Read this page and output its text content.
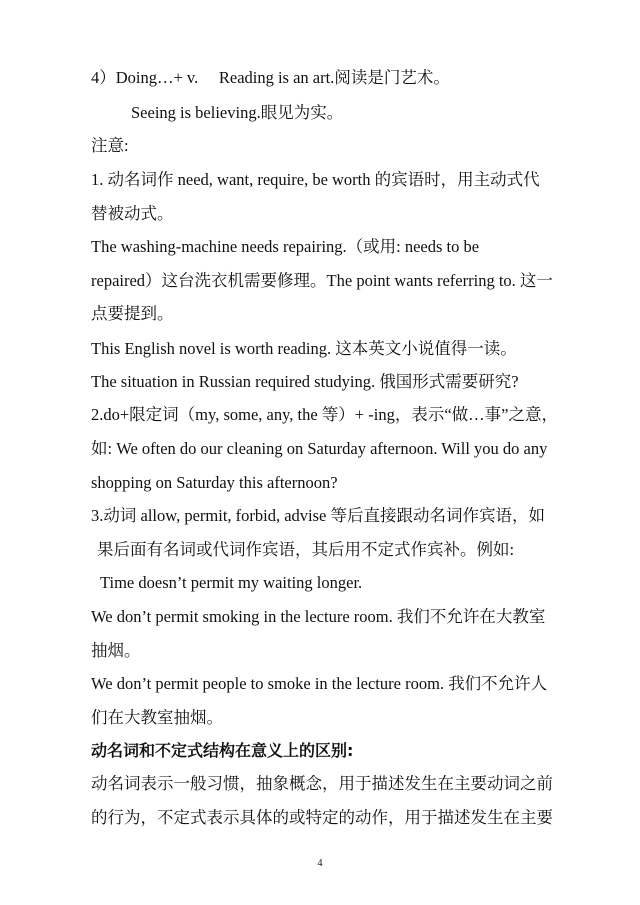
4）Doing…+ v.　 Reading is an art.阅读是门艺术。

Seeing is believing.眼见为实。

注意:

1. 动名词作 need, want, require, be worth 的宾语时，用主动式代

替被动式。

The washing-machine needs repairing.（或用: needs to be

repaired）这台洗衣机需要修理。The point wants referring to. 这一

点要提到。

This English novel is worth reading. 这本英文小说值得一读。

The situation in Russian required studying. 俄国形式需要研究?

2.do+限定词（my, some, any, the 等）+ -ing，表示“做…事”之意，

如: We often do our cleaning on Saturday afternoon. Will you do any

shopping on Saturday this afternoon?

3.动词 allow, permit, forbid, advise 等后直接跟动名词作宾语，如

果后面有名词或代词作宾语，其后用不定式作宾补。例如:

Time doesn’t permit my waiting longer.

We don’t permit smoking in the lecture room. 我们不允许在大教室

抽烟。

We don’t permit people to smoke in the lecture room. 我们不允许人

们在大教室抽烟。

动名词和不定式结构在意义上的区别:

动名词表示一般习惯，抽象概念，用于描述发生在主要动词之前

的行为，不定式表示具体的或特定的动作，用于描述发生在主要

4
